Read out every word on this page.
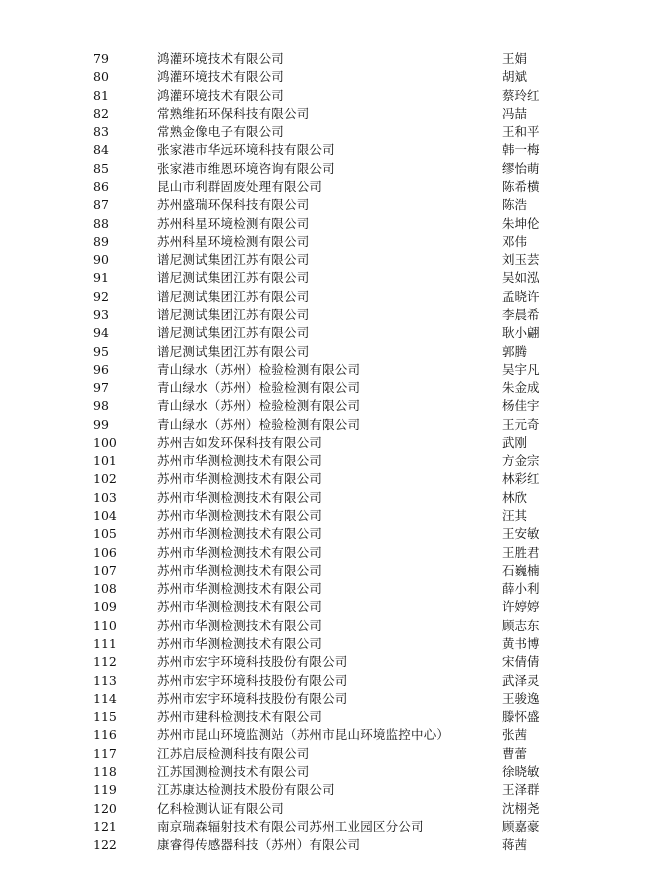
79	鸿灌环境技术有限公司	王娟
80	鸿灌环境技术有限公司	胡斌
81	鸿灌环境技术有限公司	蔡玲红
82	常熟维拓环保科技有限公司	冯喆
83	常熟金像电子有限公司	王和平
84	张家港市华远环境科技有限公司	韩一梅
85	张家港市维恩环境咨询有限公司	缪怡萌
86	昆山市利群固废处理有限公司	陈希横
87	苏州盛瑞环保科技有限公司	陈浩
88	苏州科星环境检测有限公司	朱坤伦
89	苏州科星环境检测有限公司	邓伟
90	谱尼测试集团江苏有限公司	刘玉芸
91	谱尼测试集团江苏有限公司	吴如泓
92	谱尼测试集团江苏有限公司	孟晓许
93	谱尼测试集团江苏有限公司	李晨希
94	谱尼测试集团江苏有限公司	耿小翩
95	谱尼测试集团江苏有限公司	郭腾
96	青山绿水（苏州）检验检测有限公司	吴宇凡
97	青山绿水（苏州）检验检测有限公司	朱金成
98	青山绿水（苏州）检验检测有限公司	杨佳宇
99	青山绿水（苏州）检验检测有限公司	王元奇
100	苏州吉如发环保科技有限公司	武刚
101	苏州市华测检测技术有限公司	方金宗
102	苏州市华测检测技术有限公司	林彩红
103	苏州市华测检测技术有限公司	林欣
104	苏州市华测检测技术有限公司	汪其
105	苏州市华测检测技术有限公司	王安敏
106	苏州市华测检测技术有限公司	王胜君
107	苏州市华测检测技术有限公司	石巍楠
108	苏州市华测检测技术有限公司	薛小利
109	苏州市华测检测技术有限公司	许婷婷
110	苏州市华测检测技术有限公司	顾志东
111	苏州市华测检测技术有限公司	黄书博
112	苏州市宏宇环境科技股份有限公司	宋倩倩
113	苏州市宏宇环境科技股份有限公司	武泽灵
114	苏州市宏宇环境科技股份有限公司	王骏逸
115	苏州市建科检测技术有限公司	滕怀盛
116	苏州市昆山环境监测站（苏州市昆山环境监控中心）	张茜
117	江苏启辰检测科技有限公司	曹蕾
118	江苏国测检测技术有限公司	徐晓敏
119	江苏康达检测技术股份有限公司	王泽群
120	亿科检测认证有限公司	沈栩尧
121	南京瑞森辐射技术有限公司苏州工业园区分公司	顾嘉豪
122	康睿得传感器科技（苏州）有限公司	蒋茜
